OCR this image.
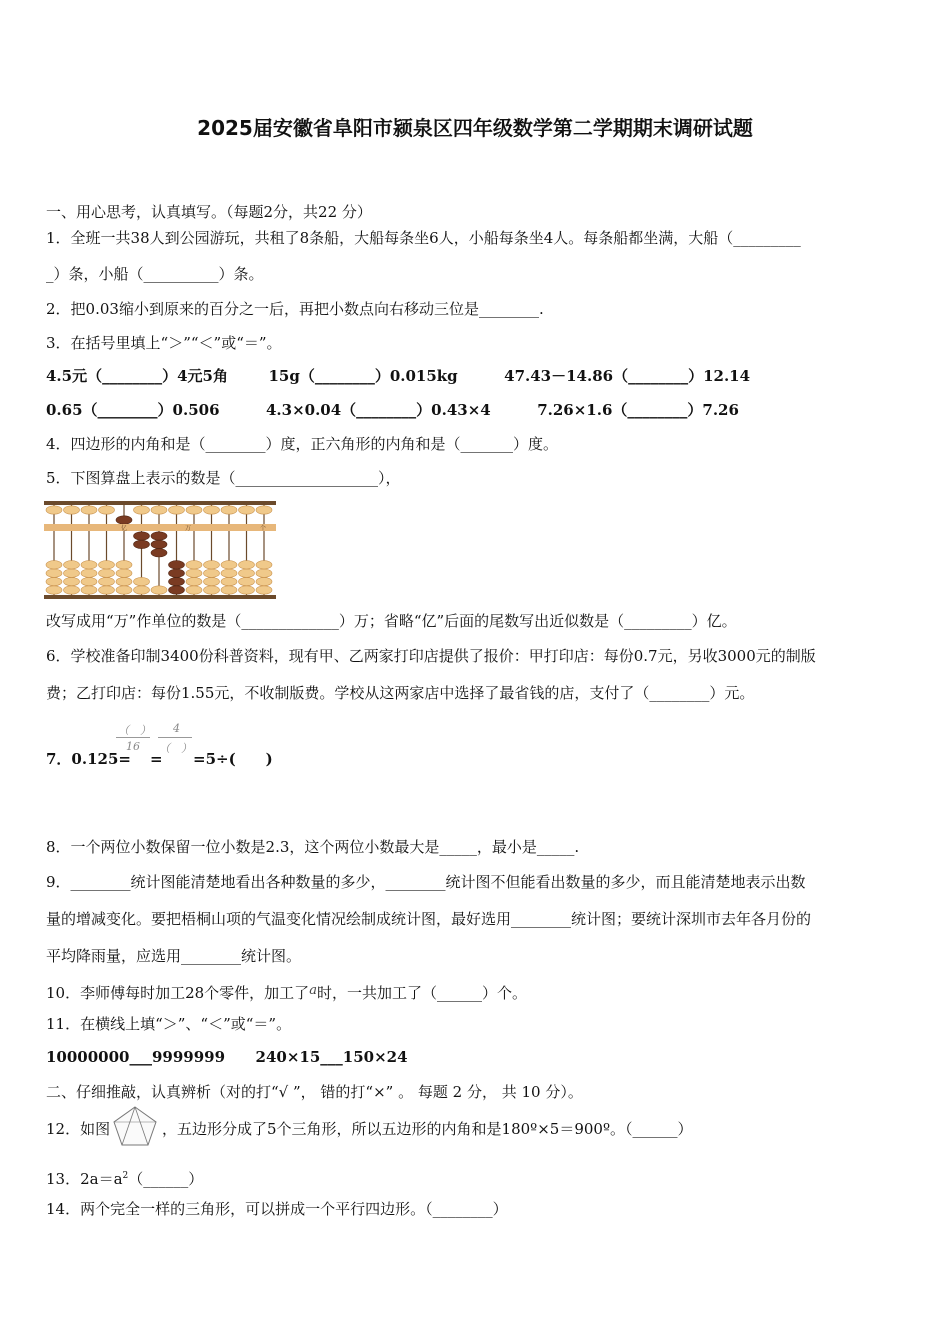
2025届安徽省阜阳市颍泉区四年级数学第二学期期末调研试题
一、用心思考，认真填写。（每题2分，共22 分）
1．全班一共38人到公园游玩，共租了8条船，大船每条坐6人，小船每条坐4人。每条船都坐满，大船（_________
_）条，小船（__________）条。
2．把0.03缩小到原来的百分之一后，再把小数点向右移动三位是________.
3．在括号里填上“＞”“＜”或“＝”。
4.5元（________）4元5角	15g（________）0.015kg	47.43－14.86（________）12.14
0.65（________）0.506	4.3×0.04（________）0.43×4	7.26×1.6（________）7.26
4．四边形的内角和是（________）度，正六角形的内角和是（_______）度。
5．下图算盘上表示的数是（___________________），
亿	万	个
改写成用“万”作单位的数是（_____________）万；省略“亿”后面的尾数写出近似数是（_________）亿。
6．学校准备印制3400份科普资料，现有甲、乙两家打印店提供了报价：甲打印店：每份0.7元，另收3000元的制版
费；乙打印店：每份1.55元，不收制版费。学校从这两家店中选择了最省钱的店，支付了（________）元。
（　）
16
4
（　）
7．0.125= = =5÷(　　)
8．一个两位小数保留一位小数是2.3，这个两位小数最大是_____，最小是_____.
9．________统计图能清楚地看出各种数量的多少，________统计图不但能看出数量的多少，而且能清楚地表示出数
量的增减变化。要把梧桐山项的气温变化情况绘制成统计图，最好选用________统计图；要统计深圳市去年各月份的
平均降雨量，应选用________统计图。
10．李师傅每时加工28个零件，加工了a时，一共加工了（______）个。
11．在横线上填“＞”、“＜”或“＝”。
10000000___9999999 240×15___150×24
二、仔细推敲，认真辨析（对的打“√ ”， 错的打“×” 。 每题 2 分， 共 10 分）。
12．如图	，五边形分成了5个三角形，所以五边形的内角和是180º×5＝900º。（______）
13．$2a=a^2(\_\_\_\_\_\_)$
14．两个完全一样的三角形，可以拼成一个平行四边形。（________）
